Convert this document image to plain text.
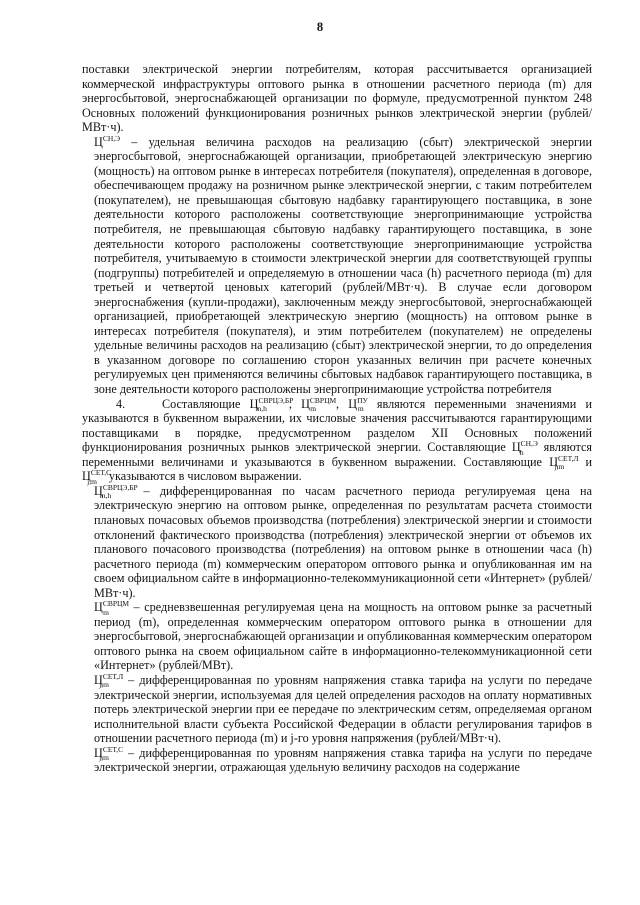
8

поставки электрической энергии потребителям, которая рассчитывается организацией коммерческой инфраструктуры оптового рынка в отношении расчетного периода (m) для энергосбытовой, энергоснабжающей организации по формуле, предусмотренной пунктом 248 Основных положений функционирования розничных рынков электрической энергии (рублей/МВт·ч).

$Ц^{СН,Э}$ – удельная величина расходов на реализацию (сбыт) электрической энергии энергосбытовой, энергоснабжающей организации, приобретающей электрическую энергию (мощность) на оптовом рынке в интересах потребителя (покупателя), определенная в договоре, обеспечивающем продажу на розничном рынке электрической энергии, с таким потребителем (покупателем), не превышающая сбытовую надбавку гарантирующего поставщика, в зоне деятельности которого расположены соответствующие энергопринимающие устройства потребителя, не превышающая сбытовую надбавку гарантирующего поставщика, в зоне деятельности которого расположены соответствующие энергопринимающие устройства потребителя, учитываемую в стоимости электрической энергии для соответствующей группы (подгруппы) потребителей и определяемую в отношении часа (h) расчетного периода (m) для третьей и четвертой ценовых категорий (рублей/МВт·ч). В случае если договором энергоснабжения (купли-продажи), заключенным между энергосбытовой, энергоснабжающей организацией, приобретающей электрическую энергию (мощность) на оптовом рынке в интересах потребителя (покупателя), и этим потребителем (покупателем) не определены удельные величины расходов на реализацию (сбыт) электрической энергии, то до определения в указанном договоре по соглашению сторон указанных величин при расчете конечных регулируемых цен применяются величины сбытовых надбавок гарантирующего поставщика, в зоне деятельности которого расположены энергопринимающие устройства потребителя

4.	Составляющие $Ц^{СВРЦЭ,БР}_{m,h}$ , $Ц^{СВРЦМ}_m$ , $Ц^{ПУ}_m$ являются переменными значениями и указываются в буквенном выражении, их числовые значения рассчитываются гарантирующими поставщиками в порядке, предусмотренном разделом XII Основных положений функционирования розничных рынков электрической энергии. Составляющие $Ц^{СН,Э}_h$ являются переменными величинами и указываются в буквенном выражении. Составляющие $Ц^{СЕТ,Л}_{j,m}$ и $Ц^{СЕТ,С}_{j,m}$ указываются в числовом выражении.

$Ц^{СВРЦЭ,БР}_{m,h}$ – дифференцированная по часам расчетного периода регулируемая цена на электрическую энергию на оптовом рынке, определенная по результатам расчета стоимости плановых почасовых объемов производства (потребления) электрической энергии и стоимости отклонений фактического производства (потребления) электрической энергии от объемов их планового почасового производства (потребления) на оптовом рынке в отношении часа (h) расчетного периода (m) коммерческим оператором оптового рынка и опубликованная им на своем официальном сайте в информационно-телекоммуникационной сети «Интернет» (рублей/МВт·ч).

$Ц^{СВРЦМ}_m$ – средневзвешенная регулируемая цена на мощность на оптовом рынке за расчетный период (m), определенная коммерческим оператором оптового рынка в отношении для энергосбытовой, энергоснабжающей организации и опубликованная коммерческим оператором оптового рынка на своем официальном сайте в информационно-телекоммуникационной сети «Интернет» (рублей/МВт).

$Ц^{СЕТ,Л}_{j,m}$ – дифференцированная по уровням напряжения ставка тарифа на услуги по передаче электрической энергии, используемая для целей определения расходов на оплату нормативных потерь электрической энергии при ее передаче по электрическим сетям, определяемая органом исполнительной власти субъекта Российской Федерации в области регулирования тарифов в отношении расчетного периода (m) и j-го уровня напряжения (рублей/МВт·ч).

$Ц^{СЕТ,С}_{j,m}$ – дифференцированная по уровням напряжения ставка тарифа на услуги по передаче электрической энергии, отражающая удельную величину расходов на содержание
